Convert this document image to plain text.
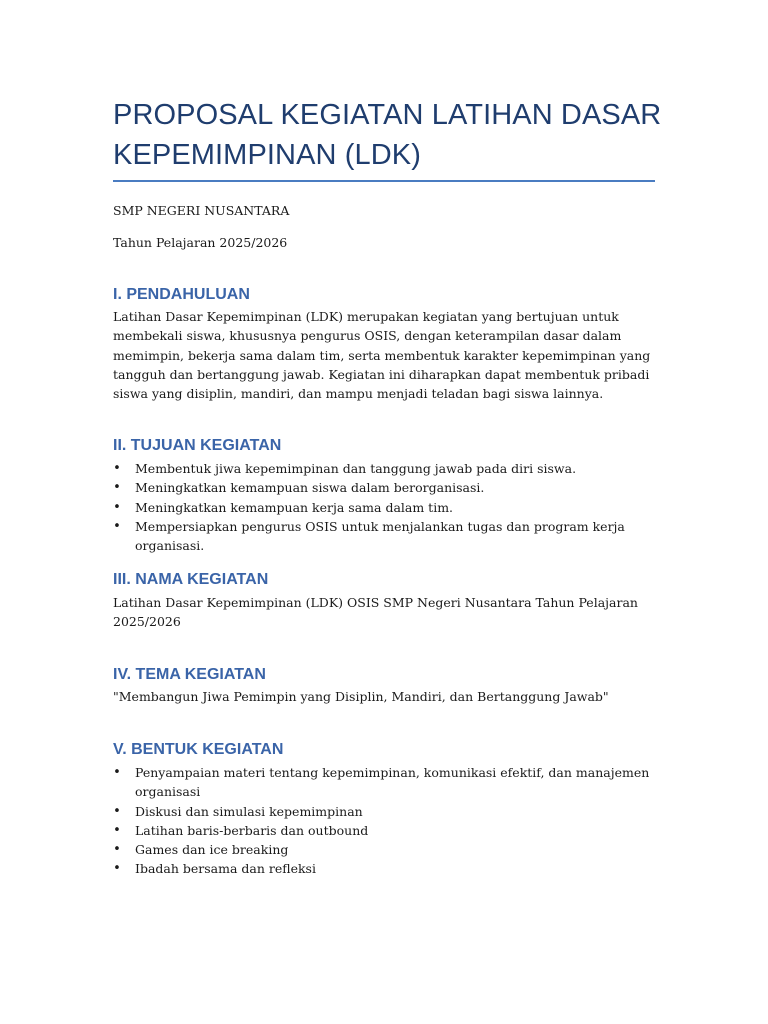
PROPOSAL KEGIATAN LATIHAN DASAR KEPEMIMPINAN (LDK)

SMP NEGERI NUSANTARA

Tahun Pelajaran 2025/2026

I. PENDAHULUAN

Latihan Dasar Kepemimpinan (LDK) merupakan kegiatan yang bertujuan untuk membekali siswa, khususnya pengurus OSIS, dengan keterampilan dasar dalam memimpin, bekerja sama dalam tim, serta membentuk karakter kepemimpinan yang tangguh dan bertanggung jawab. Kegiatan ini diharapkan dapat membentuk pribadi siswa yang disiplin, mandiri, dan mampu menjadi teladan bagi siswa lainnya.

II. TUJUAN KEGIATAN
• Membentuk jiwa kepemimpinan dan tanggung jawab pada diri siswa.
• Meningkatkan kemampuan siswa dalam berorganisasi.
• Meningkatkan kemampuan kerja sama dalam tim.
• Mempersiapkan pengurus OSIS untuk menjalankan tugas dan program kerja organisasi.
III. NAMA KEGIATAN

Latihan Dasar Kepemimpinan (LDK) OSIS SMP Negeri Nusantara Tahun Pelajaran 2025/2026

IV. TEMA KEGIATAN

"Membangun Jiwa Pemimpin yang Disiplin, Mandiri, dan Bertanggung Jawab"

V. BENTUK KEGIATAN
• Penyampaian materi tentang kepemimpinan, komunikasi efektif, dan manajemen organisasi
• Diskusi dan simulasi kepemimpinan
• Latihan baris-berbaris dan outbound
• Games dan ice breaking
• Ibadah bersama dan refleksi
